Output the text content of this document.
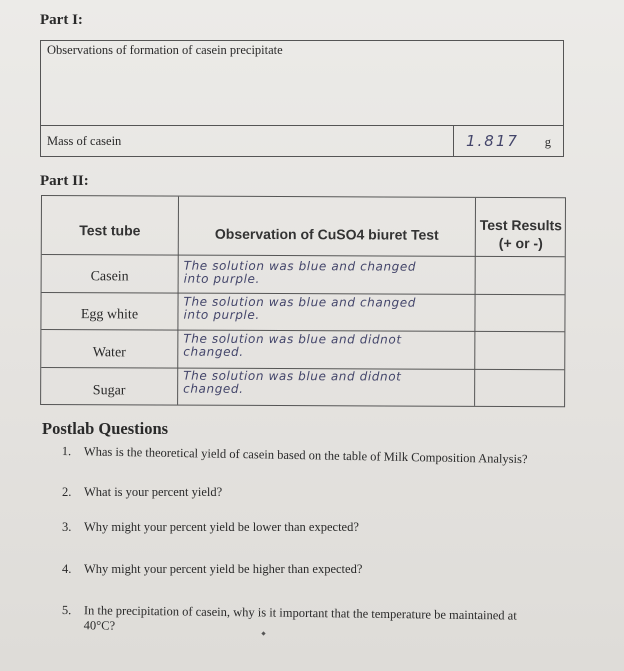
Part I:
Observations of formation of casein precipitate
Mass of casein	1.817 g
Part II:
Test tube	Observation of CuSO4 biuret Test
Test Results
(+ or -)
Casein
The solution was blue and changed
into purple.
Egg white
The solution was blue and changed
into purple.
Water
The solution was blue and didnot
changed.
Sugar
The solution was blue and didnot
changed.
Postlab Questions
1. Whas is the theoretical yield of casein based on the table of Milk Composition Analysis?
2. What is your percent yield?
3. Why might your percent yield be lower than expected?
4. Why might your percent yield be higher than expected?
5. In the precipitation of casein, why is it important that the temperature be maintained at
40°C?
